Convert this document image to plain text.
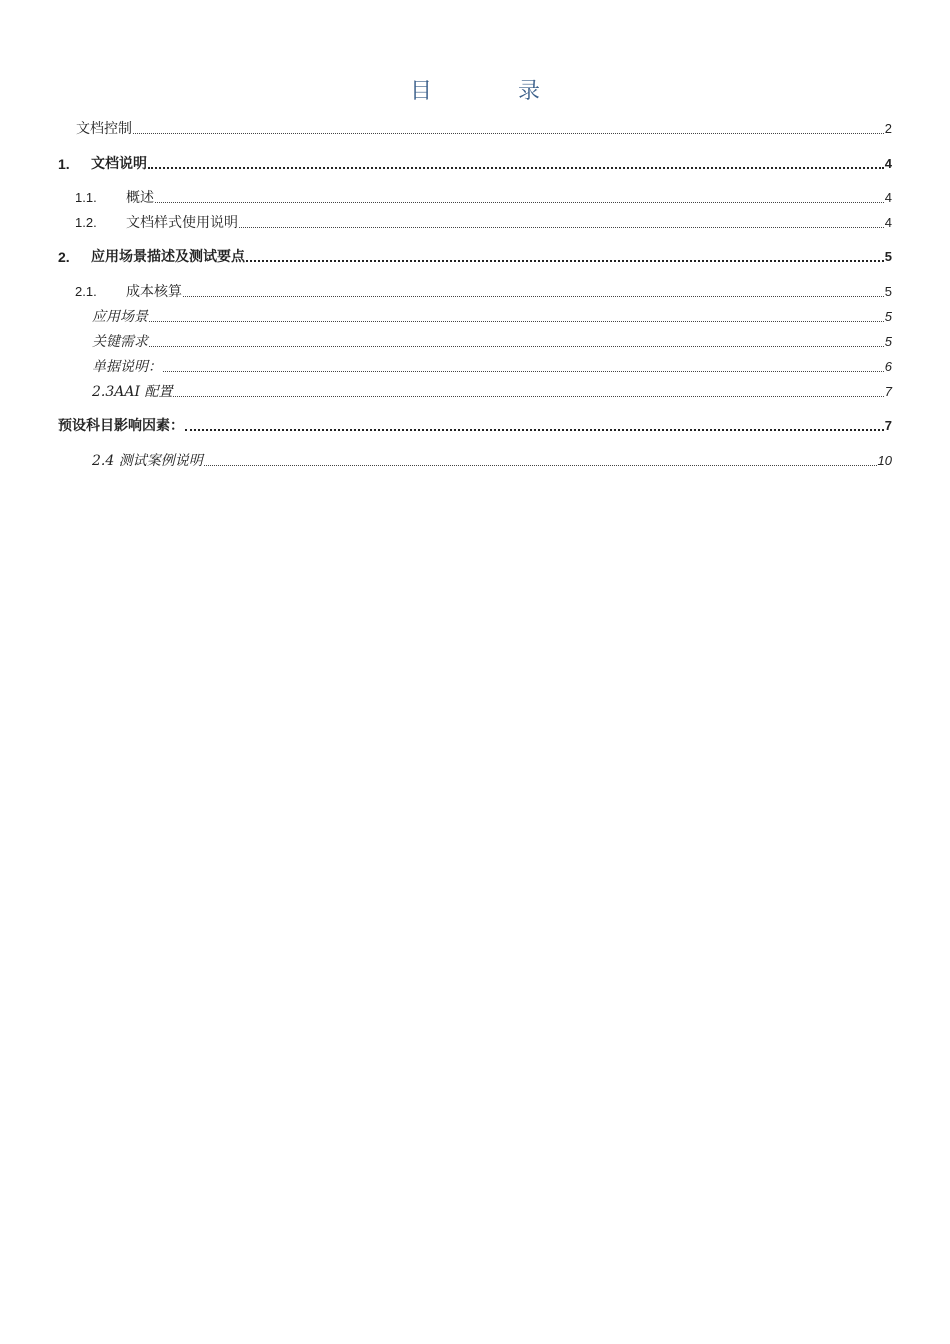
目	录
文档控制	2
1.	文档说明	4
1.1.	概述	4
1.2.	文档样式使用说明	4
2.	应用场景描述及测试要点	5
2.1.	成本核算	5
应用场景	5
关键需求	5
单据说明：	6
2.3AAI 配置	7
预设科目影响因素：	7
2.4 测试案例说明	10
